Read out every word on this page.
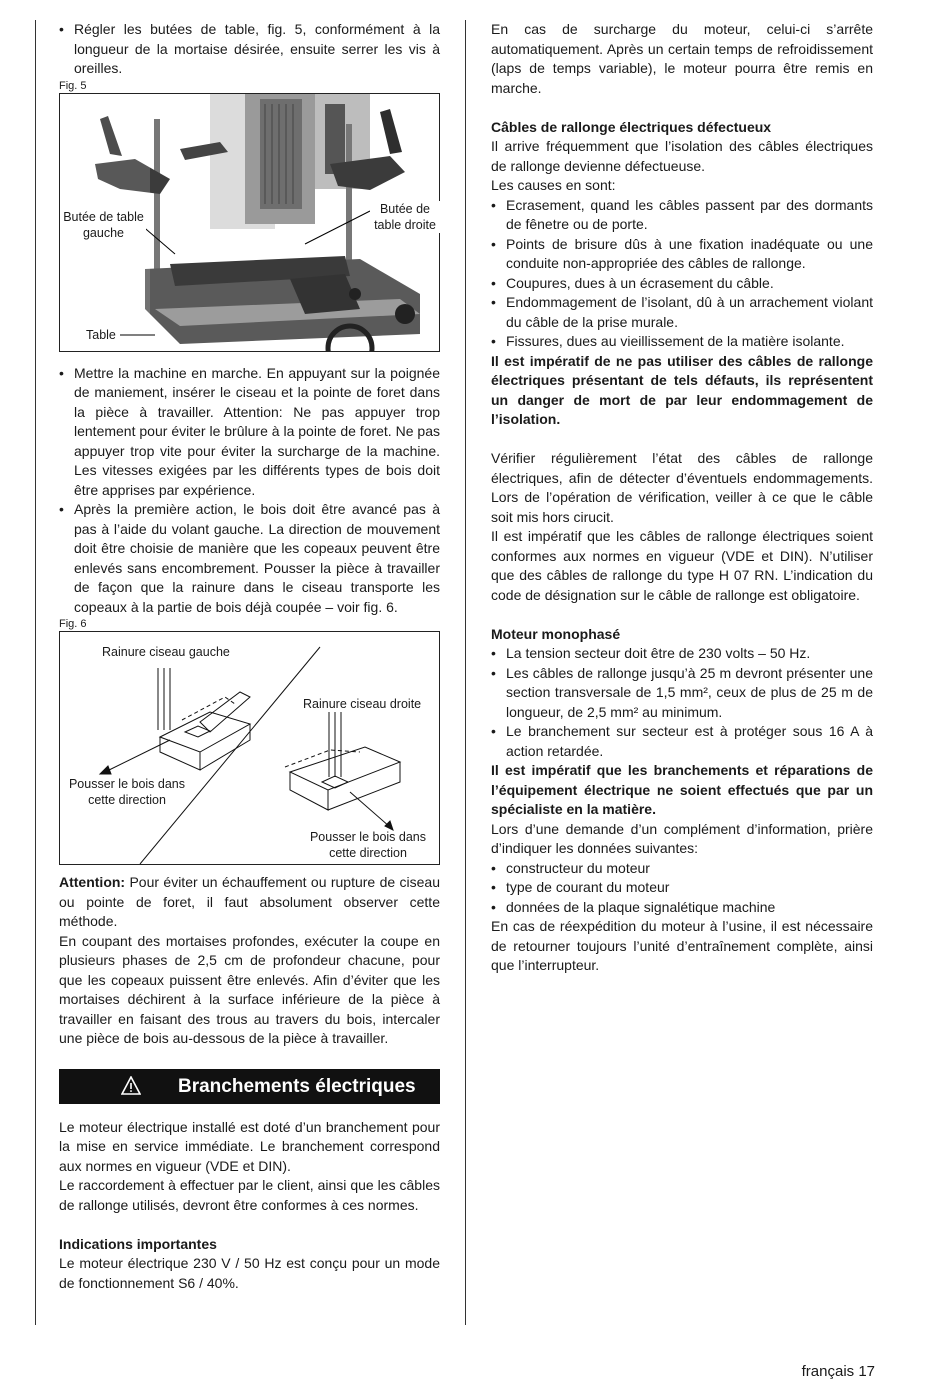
• Régler les butées de table, fig. 5, conformément à la longueur de la mortaise désirée, ensuite serrer les vis à oreilles.

Fig. 5

Butée de table
gauche
Butée de
table droite
Table
• Mettre la machine en marche. En appuyant sur la poignée de maniement, insérer le ciseau et la pointe de foret dans la pièce à travailler. Attention: Ne pas appuyer trop lentement pour éviter le brûlure à la pointe de foret. Ne pas appuyer trop vite pour éviter la surcharge de la machine. Les vitesses exigées par les différents types de bois doit être apprises par expérience.
• Après la première action, le bois doit être avancé pas à pas à l’aide du volant gauche. La direction de mouvement doit être choisie de manière que les copeaux peuvent être enlevés sans encombrement. Pousser la pièce à travailler de façon que la rainure dans le ciseau transporte les copeaux à la partie de bois déjà coupée – voir fig. 6.

Fig. 6

Rainure ciseau gauche
Rainure ciseau droite
Pousser le bois dans
cette direction
Pousser le bois dans
cette direction

Attention: Pour éviter un échauffement ou rupture de ciseau ou pointe de foret, il faut absolument observer cette méthode.

En coupant des mortaises profondes, exécuter la coupe en plusieurs phases de 2,5 cm de profondeur chacune, pour que les copeaux puissent être enlevés. Afin d’éviter que les mortaises déchirent à la surface inférieure de la pièce à travailler en faisant des trous au travers du bois, intercaler une pièce de bois au-dessous de la pièce à travailler.

Branchements électriques

Le moteur électrique installé est doté d’un branchement pour la mise en service immédiate. Le branchement correspond aux normes en vigueur (VDE et DIN).

Le raccordement à effectuer par le client, ainsi que les câbles de rallonge utilisés, devront être conformes à ces normes.

Indications importantes

Le moteur électrique 230 V / 50 Hz est conçu pour un mode de fonctionnement S6 / 40%.

En cas de surcharge du moteur, celui-ci s’arrête automatiquement. Après un certain temps de refroidissement (laps de temps variable), le moteur pourra être remis en marche.

Câbles de rallonge électriques défectueux

Il arrive fréquemment que l’isolation des câbles électriques de rallonge devienne défectueuse.

Les causes en sont:

• Ecrasement, quand les câbles passent par des dormants de fênetre ou de porte.
• Points de brisure dûs à une fixation inadéquate ou une conduite non-appropriée des câbles de rallonge.
• Coupures, dues à un écrasement du câble.
• Endommagement de l’isolant, dû à un arrachement violant du câble de la prise murale.
• Fissures, dues au vieillissement de la matière isolante.

Il est impératif de ne pas utiliser des câbles de rallonge électriques présentant de tels défauts, ils représentent un danger de mort de par leur endommagement de l’isolation.

Vérifier régulièrement l’état des câbles de rallonge électriques, afin de détecter d’éventuels endommagements. Lors de l’opération de vérification, veiller à ce que le câble soit mis hors cirucit.

Il est impératif que les câbles de rallonge électriques soient conformes aux normes en vigueur (VDE et DIN). N’utiliser que des câbles de rallonge du type H 07 RN. L’indication du code de désignation sur le câble de rallonge est obligatoire.

Moteur monophasé

• La tension secteur doit être de 230 volts – 50 Hz.
• Les câbles de rallonge jusqu’à 25 m devront présenter une section transversale de 1,5 mm², ceux de plus de 25 m de longueur, de 2,5 mm² au minimum.
• Le branchement sur secteur est à protéger sous 16 A à action retardée.

Il est impératif que les branchements et réparations de l’équipement électrique ne soient effectués que par un spécialiste en la matière.

Lors d’une demande d’un complément d’information, prière d’indiquer les données suivantes:

• constructeur du moteur
• type de courant du moteur
• données de la plaque signalétique machine

En cas de réexpédition du moteur à l’usine, il est nécessaire de retourner toujours l’unité d’entraînement complète, ainsi que l’interrupteur.

français 17
